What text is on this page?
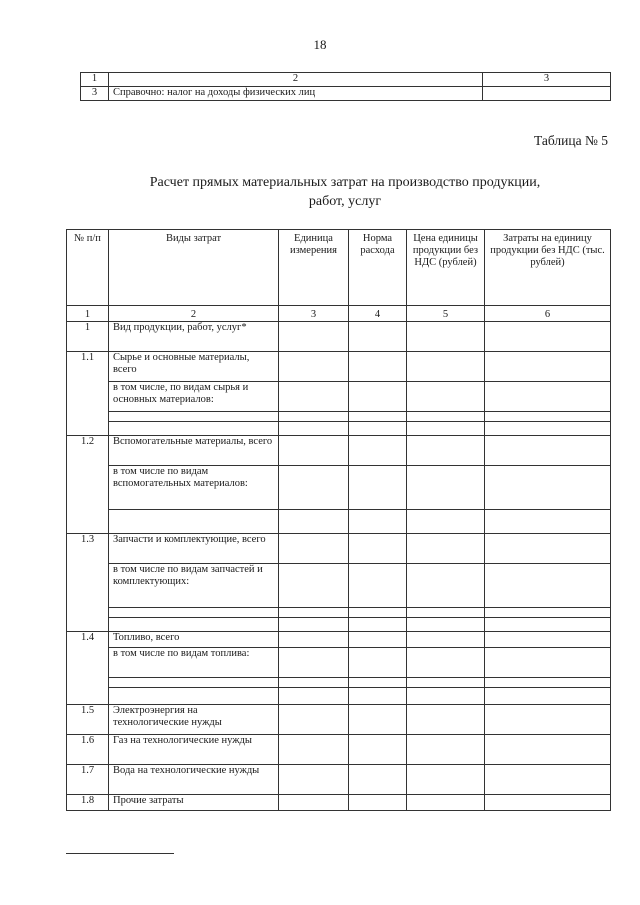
18
1	2	3
3	Справочно: налог на доходы физических лиц	
Таблица № 5
Расчет прямых материальных затрат на производство продукции,
работ, услуг
№ п/п	Виды затрат	Единица измерения	Норма расхода	Цена единицы продукции без НДС (рублей)	Затраты на единицу продукции без НДС (тыс. рублей)
1	2	3	4	5	6
1	Вид продукции, работ, услуг*				
1.1	Сырье и основные материалы, всего				
	в том числе, по видам сырья и основных материалов:				

1.2	Вспомогательные материалы, всего				
	в том числе по видам вспомогательных материалов:				

1.3	Запчасти и комплектующие, всего				
	в том числе по видам запчастей и комплектующих:				

1.4	Топливо, всего				
	в том числе по видам топлива:				

1.5	Электроэнергия на технологические нужды				
1.6	Газ на технологические нужды				
1.7	Вода на технологические нужды				
1.8	Прочие затраты				
